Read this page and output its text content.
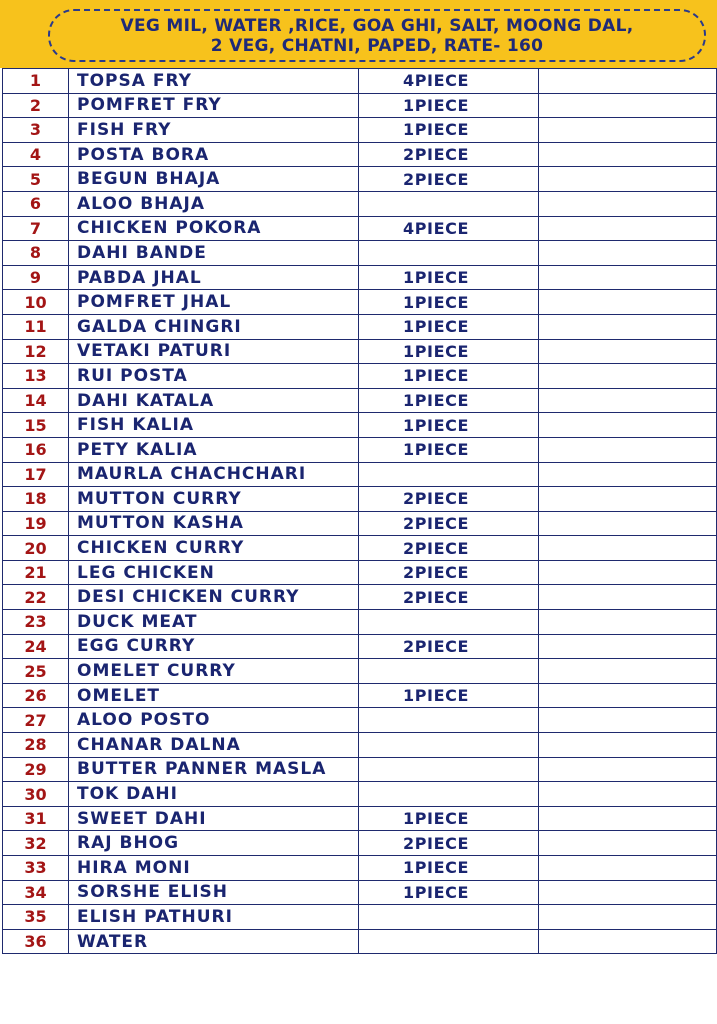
VEG MIL, WATER ,RICE, GOA GHI, SALT, MOONG DAL,
2 VEG, CHATNI, PAPED, RATE- 160
1	TOPSA FRY	4PIECE	
2	POMFRET FRY	1PIECE	
3	FISH FRY	1PIECE	
4	POSTA BORA	2PIECE	
5	BEGUN BHAJA	2PIECE	
6	ALOO BHAJA		
7	CHICKEN POKORA	4PIECE	
8	DAHI BANDE		
9	PABDA JHAL	1PIECE	
10	POMFRET JHAL	1PIECE	
11	GALDA CHINGRI	1PIECE	
12	VETAKI PATURI	1PIECE	
13	RUI POSTA	1PIECE	
14	DAHI KATALA	1PIECE	
15	FISH KALIA	1PIECE	
16	PETY KALIA	1PIECE	
17	MAURLA CHACHCHARI		
18	MUTTON CURRY	2PIECE	
19	MUTTON KASHA	2PIECE	
20	CHICKEN CURRY	2PIECE	
21	LEG CHICKEN	2PIECE	
22	DESI CHICKEN CURRY	2PIECE	
23	DUCK MEAT		
24	EGG CURRY	2PIECE	
25	OMELET CURRY		
26	OMELET	1PIECE	
27	ALOO POSTO		
28	CHANAR DALNA		
29	BUTTER PANNER MASLA		
30	TOK DAHI		
31	SWEET DAHI	1PIECE	
32	RAJ BHOG	2PIECE	
33	HIRA MONI	1PIECE	
34	SORSHE ELISH	1PIECE	
35	ELISH PATHURI		
36	WATER		
